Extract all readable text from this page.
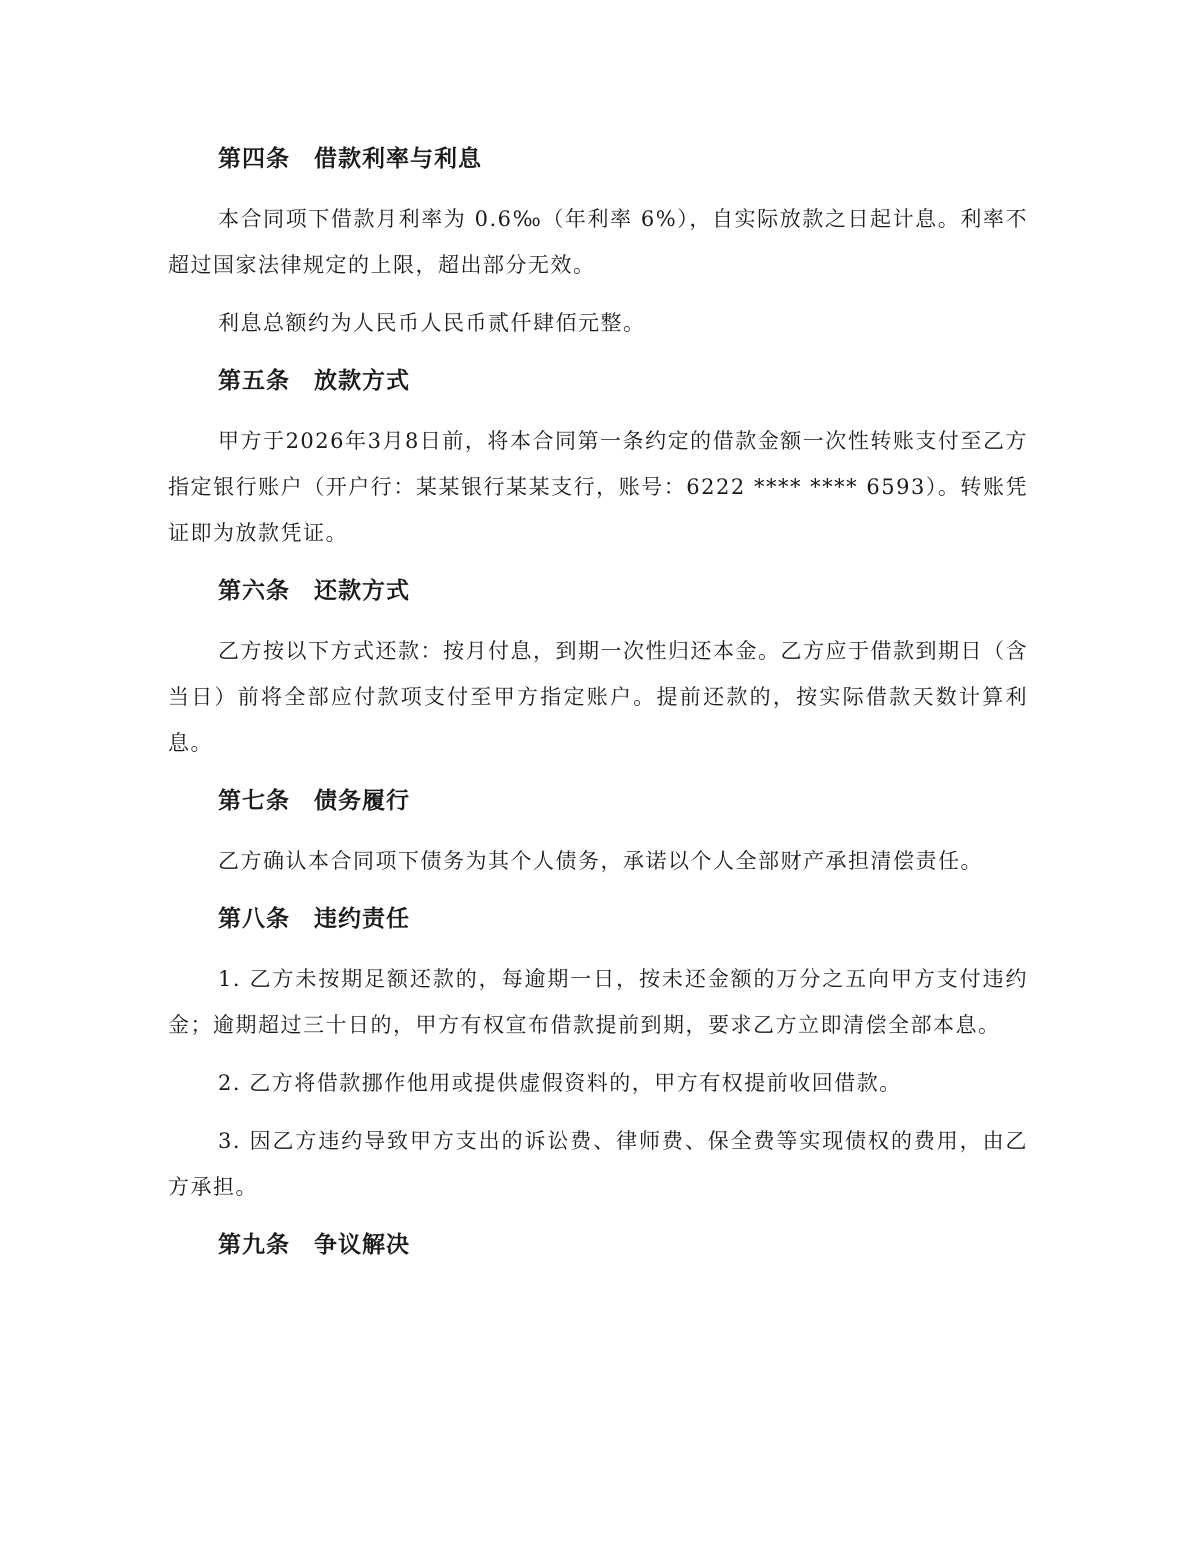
第四条　借款利率与利息

本合同项下借款月利率为 0.6‰（年利率 6%），自实际放款之日起计息。利率不超过国家法律规定的上限，超出部分无效。

利息总额约为人民币人民币贰仟肆佰元整。

第五条　放款方式

甲方于2026年3月8日前，将本合同第一条约定的借款金额一次性转账支付至乙方指定银行账户（开户行：某某银行某某支行，账号：6222 **** **** 6593）。转账凭证即为放款凭证。

第六条　还款方式

乙方按以下方式还款：按月付息，到期一次性归还本金。乙方应于借款到期日（含当日）前将全部应付款项支付至甲方指定账户。提前还款的，按实际借款天数计算利息。

第七条　债务履行

乙方确认本合同项下债务为其个人债务，承诺以个人全部财产承担清偿责任。

第八条　违约责任

1. 乙方未按期足额还款的，每逾期一日，按未还金额的万分之五向甲方支付违约金；逾期超过三十日的，甲方有权宣布借款提前到期，要求乙方立即清偿全部本息。

2. 乙方将借款挪作他用或提供虚假资料的，甲方有权提前收回借款。

3. 因乙方违约导致甲方支出的诉讼费、律师费、保全费等实现债权的费用，由乙方承担。

第九条　争议解决
